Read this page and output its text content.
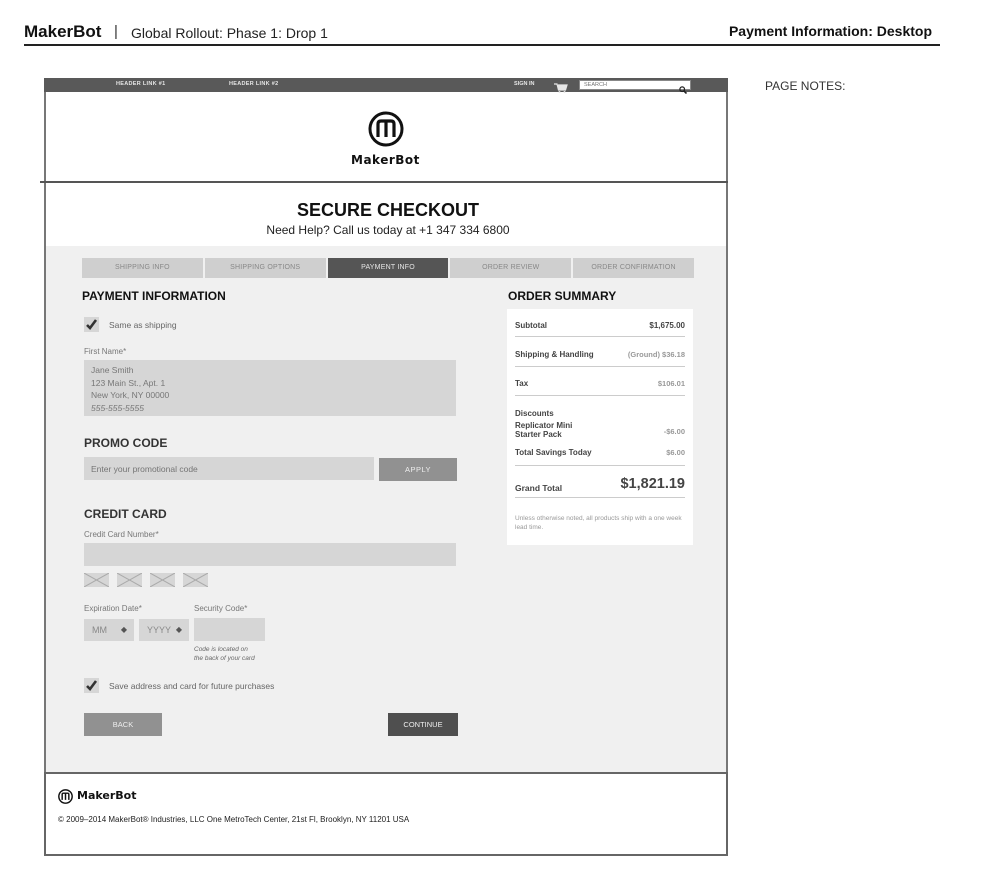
MakerBot | Global Rollout: Phase 1: Drop 1	Payment Information: Desktop
PAGE NOTES:
HEADER LINK #1	HEADER LINK #2	SIGN IN
SEARCH
MakerBot
SECURE CHECKOUT
Need Help? Call us today at +1 347 334 6800
SHIPPING INFO	SHIPPING OPTIONS	PAYMENT INFO	ORDER REVIEW	ORDER CONFIRMATION
PAYMENT INFORMATION
Same as shipping
First Name*
Jane Smith
123 Main St., Apt. 1
New York, NY 00000
555-555-5555
PROMO CODE
Enter your promotional code
APPLY
CREDIT CARD
Credit Card Number*
Expiration Date*	Security Code*
MM ◆	YYYY ◆
Code is located on
the back of your card
Save address and card for future purchases
BACK	CONTINUE
ORDER SUMMARY
Subtotal	$1,675.00
Shipping & Handling	(Ground) $36.18
Tax	$106.01
Discounts
Replicator Mini
Starter Pack	-$6.00
Total Savings Today	$6.00
Grand Total	$1,821.19
Unless otherwise noted, all products ship with a one week lead time.
MakerBot
© 2009–2014 MakerBot® Industries, LLC One MetroTech Center, 21st Fl, Brooklyn, NY 11201 USA
